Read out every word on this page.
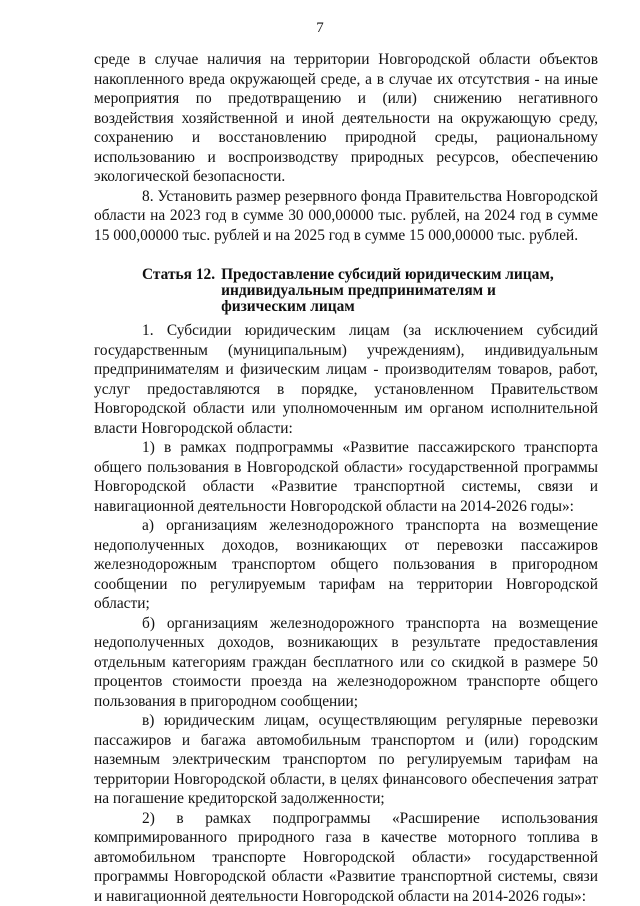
7

среде в случае наличия на территории Новгородской области объектов накопленного вреда окружающей среде, а в случае их отсутствия - на иные мероприятия по предотвращению и (или) снижению негативного воздействия хозяйственной и иной деятельности на окружающую среду, сохранению и восстановлению природной среды, рациональному использованию и воспроизводству природных ресурсов, обеспечению экологической безопасности.

8. Установить размер резервного фонда Правительства Новгородской области на 2023 год в сумме 30 000,00000 тыс. рублей, на 2024 год в сумме 15 000,00000 тыс. рублей и на 2025 год в сумме 15 000,00000 тыс. рублей.

Статья 12. Предоставление субсидий юридическим лицам, индивидуальным предпринимателям и физическим лицам

1. Субсидии юридическим лицам (за исключением субсидий государственным (муниципальным) учреждениям), индивидуальным предпринимателям и физическим лицам - производителям товаров, работ, услуг предоставляются в порядке, установленном Правительством Новгородской области или уполномоченным им органом исполнительной власти Новгородской области:

1) в рамках подпрограммы «Развитие пассажирского транспорта общего пользования в Новгородской области» государственной программы Новгородской области «Развитие транспортной системы, связи и навигационной деятельности Новгородской области на 2014-2026 годы»:

а) организациям железнодорожного транспорта на возмещение недополученных доходов, возникающих от перевозки пассажиров железнодорожным транспортом общего пользования в пригородном сообщении по регулируемым тарифам на территории Новгородской области;

б) организациям железнодорожного транспорта на возмещение недополученных доходов, возникающих в результате предоставления отдельным категориям граждан бесплатного или со скидкой в размере 50 процентов стоимости проезда на железнодорожном транспорте общего пользования в пригородном сообщении;

в) юридическим лицам, осуществляющим регулярные перевозки пассажиров и багажа автомобильным транспортом и (или) городским наземным электрическим транспортом по регулируемым тарифам на территории Новгородской области, в целях финансового обеспечения затрат на погашение кредиторской задолженности;

2) в рамках подпрограммы «Расширение использования компримированного природного газа в качестве моторного топлива в автомобильном транспорте Новгородской области» государственной программы Новгородской области «Развитие транспортной системы, связи и навигационной деятельности Новгородской области на 2014-2026 годы»:
